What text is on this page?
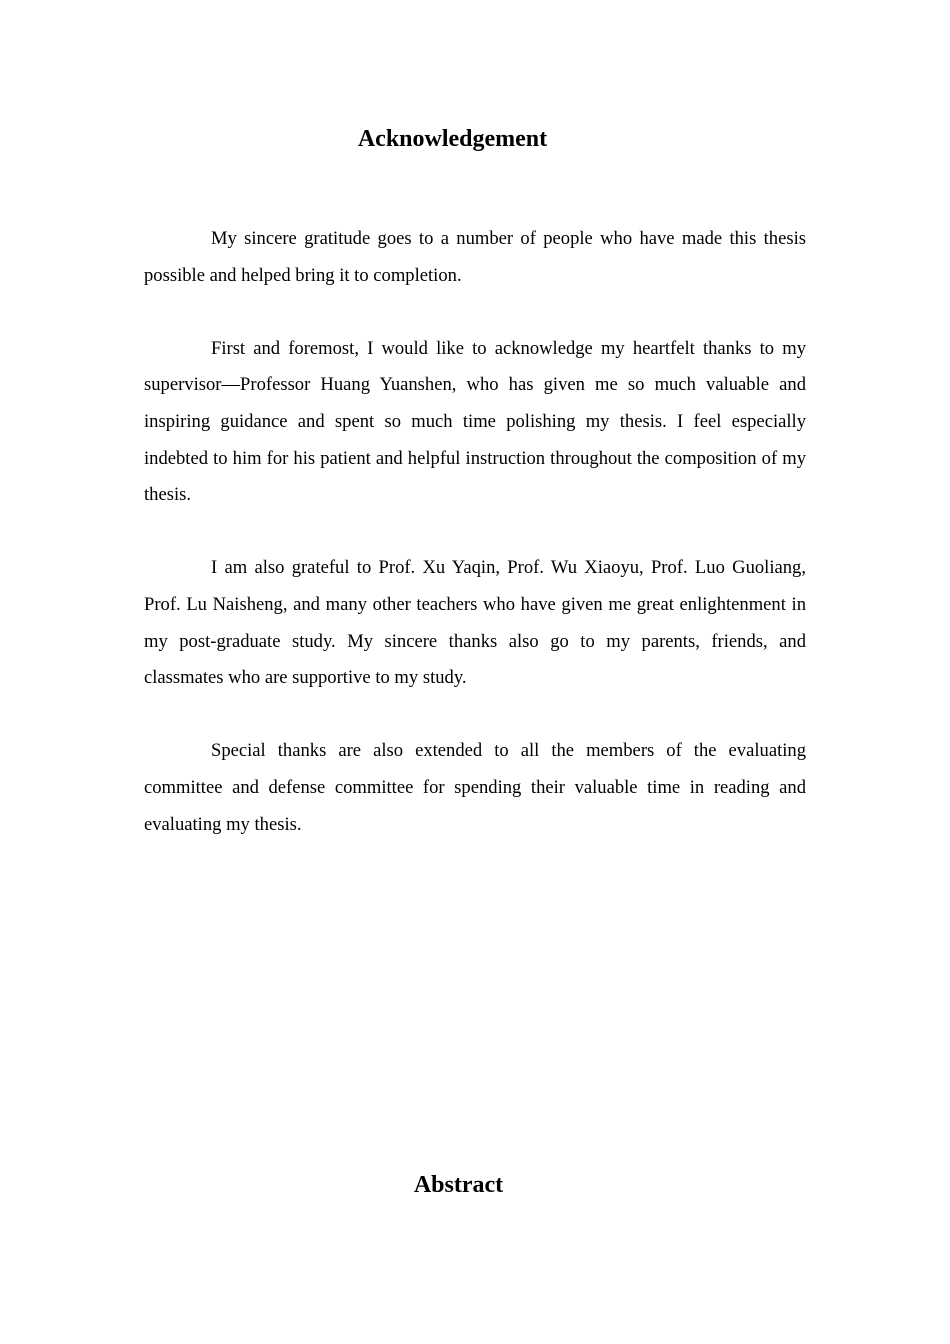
Acknowledgement

My sincere gratitude goes to a number of people who have made this thesis possible and helped bring it to completion.

First and foremost, I would like to acknowledge my heartfelt thanks to my supervisor—Professor Huang Yuanshen, who has given me so much valuable and inspiring guidance and spent so much time polishing my thesis. I feel especially indebted to him for his patient and helpful instruction throughout the composition of my thesis.

I am also grateful to Prof. Xu Yaqin, Prof. Wu Xiaoyu, Prof. Luo Guoliang, Prof. Lu Naisheng, and many other teachers who have given me great enlightenment in my post-graduate study. My sincere thanks also go to my parents, friends, and classmates who are supportive to my study.

Special thanks are also extended to all the members of the evaluating committee and defense committee for spending their valuable time in reading and evaluating my thesis.

Abstract
